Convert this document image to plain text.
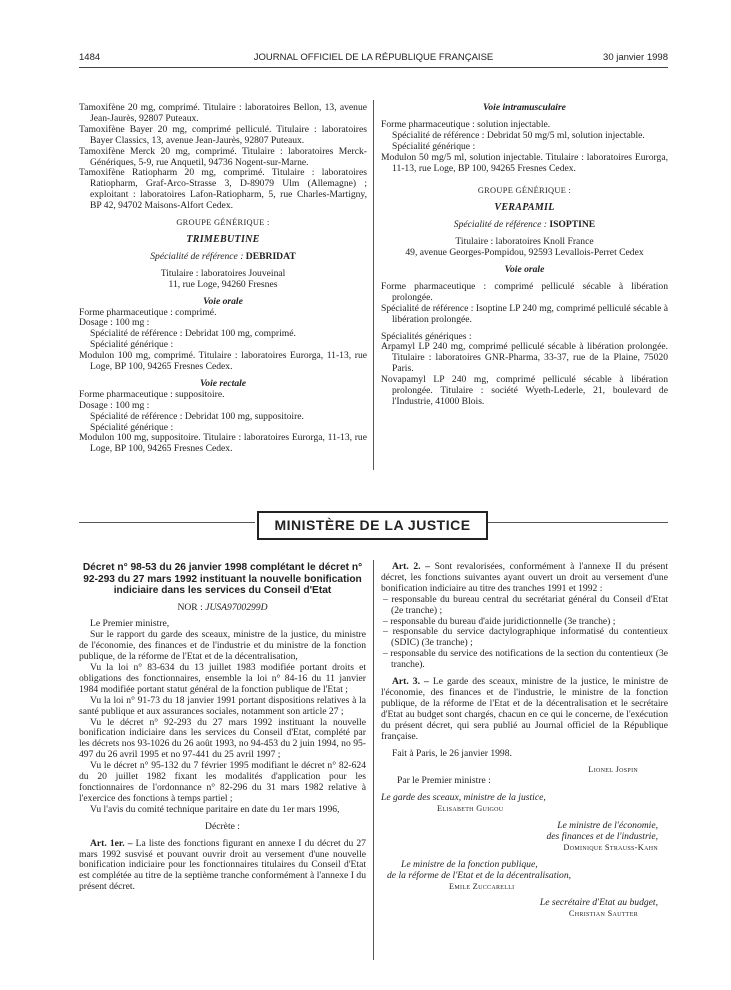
1484	JOURNAL OFFICIEL DE LA RÉPUBLIQUE FRANÇAISE	30 janvier 1998

Tamoxifène 20 mg, comprimé. Titulaire : laboratoires Bellon, 13, avenue Jean-Jaurès, 92807 Puteaux.

Tamoxifène Bayer 20 mg, comprimé pelliculé. Titulaire : laboratoires Bayer Classics, 13, avenue Jean-Jaurès, 92807 Puteaux.

Tamoxifène Merck 20 mg, comprimé. Titulaire : laboratoires Merck-Génériques, 5-9, rue Anquetil, 94736 Nogent-sur-Marne.

Tamoxifène Ratiopharm 20 mg, comprimé. Titulaire : laboratoires Ratiopharm, Graf-Arco-Strasse 3, D-89079 Ulm (Allemagne) ; exploitant : laboratoires Lafon-Ratiopharm, 5, rue Charles-Martigny, BP 42, 94702 Maisons-Alfort Cedex.

GROUPE GÉNÉRIQUE :

TRIMEBUTINE

Spécialité de référence : DEBRIDAT

Titulaire : laboratoires Jouveinal

11, rue Loge, 94260 Fresnes

Voie orale

Forme pharmaceutique : comprimé.

Dosage : 100 mg :

Spécialité de référence : Debridat 100 mg, comprimé.

Spécialité générique :

Modulon 100 mg, comprimé. Titulaire : laboratoires Eurorga, 11-13, rue Loge, BP 100, 94265 Fresnes Cedex.

Voie rectale

Forme pharmaceutique : suppositoire.

Dosage : 100 mg :

Spécialité de référence : Debridat 100 mg, suppositoire.

Spécialité générique :

Modulon 100 mg, suppositoire. Titulaire : laboratoires Eurorga, 11-13, rue Loge, BP 100, 94265 Fresnes Cedex.

Voie intramusculaire

Forme pharmaceutique : solution injectable.

Spécialité de référence : Debridat 50 mg/5 ml, solution injectable.

Spécialité générique :

Modulon 50 mg/5 ml, solution injectable. Titulaire : laboratoires Eurorga, 11-13, rue Loge, BP 100, 94265 Fresnes Cedex.

GROUPE GÉNÉRIQUE :

VERAPAMIL

Spécialité de référence : ISOPTINE

Titulaire : laboratoires Knoll France

49, avenue Georges-Pompidou, 92593 Levallois-Perret Cedex

Voie orale

Forme pharmaceutique : comprimé pelliculé sécable à libération prolongée.

Spécialité de référence : Isoptine LP 240 mg, comprimé pelliculé sécable à libération prolongée.

Spécialités génériques :

Arpamyl LP 240 mg, comprimé pelliculé sécable à libération prolongée. Titulaire : laboratoires GNR-Pharma, 33-37, rue de la Plaine, 75020 Paris.

Novapamyl LP 240 mg, comprimé pelliculé sécable à libération prolongée. Titulaire : société Wyeth-Lederle, 21, boulevard de l'Industrie, 41000 Blois.

MINISTÈRE DE LA JUSTICE

Décret n° 98-53 du 26 janvier 1998 complétant le décret n° 92-293 du 27 mars 1992 instituant la nouvelle bonification indiciaire dans les services du Conseil d'Etat

NOR : JUSA9700299D

Le Premier ministre,

Sur le rapport du garde des sceaux, ministre de la justice, du ministre de l'économie, des finances et de l'industrie et du ministre de la fonction publique, de la réforme de l'Etat et de la décentralisation,

Vu la loi n° 83-634 du 13 juillet 1983 modifiée portant droits et obligations des fonctionnaires, ensemble la loi n° 84-16 du 11 janvier 1984 modifiée portant statut général de la fonction publique de l'Etat ;

Vu la loi n° 91-73 du 18 janvier 1991 portant dispositions relatives à la santé publique et aux assurances sociales, notamment son article 27 ;

Vu le décret n° 92-293 du 27 mars 1992 instituant la nouvelle bonification indiciaire dans les services du Conseil d'Etat, complété par les décrets nos 93-1026 du 26 août 1993, no 94-453 du 2 juin 1994, no 95-497 du 26 avril 1995 et no 97-441 du 25 avril 1997 ;

Vu le décret n° 95-132 du 7 février 1995 modifiant le décret n° 82-624 du 20 juillet 1982 fixant les modalités d'application pour les fonctionnaires de l'ordonnance n° 82-296 du 31 mars 1982 relative à l'exercice des fonctions à temps partiel ;

Vu l'avis du comité technique paritaire en date du 1er mars 1996,

Décrète :

Art. 1er. – La liste des fonctions figurant en annexe I du décret du 27 mars 1992 susvisé et pouvant ouvrir droit au versement d'une nouvelle bonification indiciaire pour les fonctionnaires titulaires du Conseil d'Etat est complétée au titre de la septième tranche conformément à l'annexe I du présent décret.

Art. 2. – Sont revalorisées, conformément à l'annexe II du présent décret, les fonctions suivantes ayant ouvert un droit au versement d'une bonification indiciaire au titre des tranches 1991 et 1992 :

– responsable du bureau central du secrétariat général du Conseil d'Etat (2e tranche) ;

– responsable du bureau d'aide juridictionnelle (3e tranche) ;

– responsable du service dactylographique informatisé du contentieux (SDIC) (3e tranche) ;

– responsable du service des notifications de la section du contentieux (3e tranche).

Art. 3. – Le garde des sceaux, ministre de la justice, le ministre de l'économie, des finances et de l'industrie, le ministre de la fonction publique, de la réforme de l'Etat et de la décentralisation et le secrétaire d'Etat au budget sont chargés, chacun en ce qui le concerne, de l'exécution du présent décret, qui sera publié au Journal officiel de la République française.

Fait à Paris, le 26 janvier 1998.

Lionel Jospin

Par le Premier ministre :

Le garde des sceaux, ministre de la justice,

Elisabeth Guigou

Le ministre de l'économie,

des finances et de l'industrie,

Dominique Strauss-Kahn

Le ministre de la fonction publique,

de la réforme de l'Etat et de la décentralisation,

Emile Zuccarelli

Le secrétaire d'Etat au budget,

Christian Sautter
